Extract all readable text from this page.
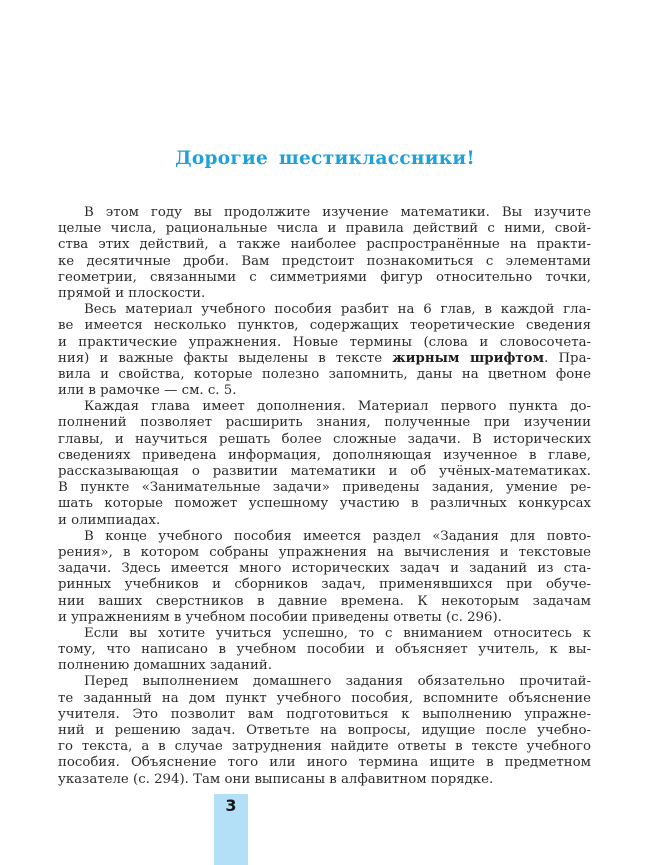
Дорогие шестиклассники!
В этом году вы продолжите изучение математики. Вы изучите
целые числа, рациональные числа и правила действий с ними, свой-
ства этих действий, а также наиболее распространённые на практи-
ке десятичные дроби. Вам предстоит познакомиться с элементами
геометрии, связанными с симметриями фигур относительно точки,
прямой и плоскости.
Весь материал учебного пособия разбит на 6 глав, в каждой гла-
ве имеется несколько пунктов, содержащих теоретические сведения
и практические упражнения. Новые термины (слова и словосочета-
ния) и важные факты выделены в тексте жирным шрифтом. Пра-
вила и свойства, которые полезно запомнить, даны на цветном фоне
или в рамочке — см. с. 5.
Каждая глава имеет дополнения. Материал первого пункта до-
полнений позволяет расширить знания, полученные при изучении
главы, и научиться решать более сложные задачи. В исторических
сведениях приведена информация, дополняющая изученное в главе,
рассказывающая о развитии математики и об учёных-математиках.
В пункте «Занимательные задачи» приведены задания, умение ре-
шать которые поможет успешному участию в различных конкурсах
и олимпиадах.
В конце учебного пособия имеется раздел «Задания для повто-
рения», в котором собраны упражнения на вычисления и текстовые
задачи. Здесь имеется много исторических задач и заданий из ста-
ринных учебников и сборников задач, применявшихся при обуче-
нии ваших сверстников в давние времена. К некоторым задачам
и упражнениям в учебном пособии приведены ответы (с. 296).
Если вы хотите учиться успешно, то с вниманием относитесь к
тому, что написано в учебном пособии и объясняет учитель, к вы-
полнению домашних заданий.
Перед выполнением домашнего задания обязательно прочитай-
те заданный на дом пункт учебного пособия, вспомните объяснение
учителя. Это позволит вам подготовиться к выполнению упражне-
ний и решению задач. Ответьте на вопросы, идущие после учебно-
го текста, а в случае затруднения найдите ответы в тексте учебного
пособия. Объяснение того или иного термина ищите в предметном
указателе (с. 294). Там они выписаны в алфавитном порядке.
3
